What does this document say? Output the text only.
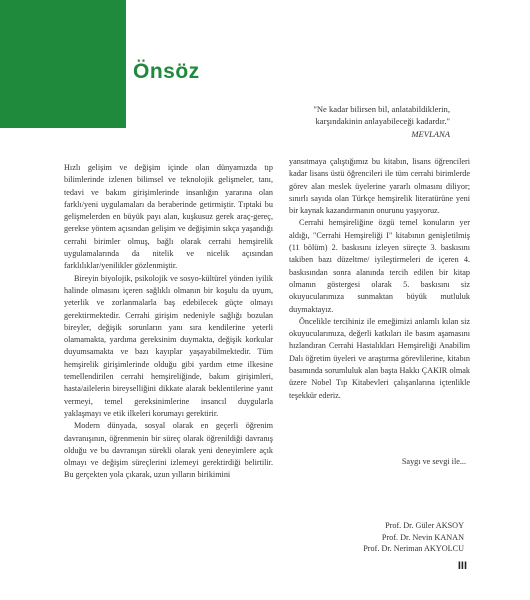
Önsöz
"Ne kadar bilirsen bil, anlatabildiklerin, karşındakinin anlayabileceği kadardır."
MEVLANA

Hızlı gelişim ve değişim içinde olan dünyamızda tıp bilimlerinde izlenen bilimsel ve teknolojik gelişmeler, tanı, tedavi ve bakım girişimlerinde insanlığın yararına olan farklı/yeni uygulamaları da beraberinde getirmiştir. Tıptaki bu gelişmelerden en büyük payı alan, kuşkusuz gerek araç-gereç, gerekse yöntem açısından gelişim ve değişimin sıkça yaşandığı cerrahi birimler olmuş, bağlı olarak cerrahi hemşirelik uygulamalarında da nitelik ve nicelik açısından farklılıklar/yenilikler gözlenmiştir.

Bireyin biyolojik, psikolojik ve sosyo-kültürel yönden iyilik halinde olmasını içeren sağlıklı olmanın bir koşulu da uyum, yeterlik ve zorlanmalarla baş edebilecek güçte olmayı gerektirmektedir. Cerrahi girişim nedeniyle sağlığı bozulan bireyler, değişik sorunların yanı sıra kendilerine yeterli olamamakta, yardıma gereksinim duymakta, değişik korkular duyumsamakta ve bazı kayıplar yaşayabilmektedir. Tüm hemşirelik girişimlerinde olduğu gibi yardım etme ilkesine temellendirilen cerrahi hemşireliğinde, bakım girişimleri, hasta/ailelerin bireyselliğini dikkate alarak beklentilerine yanıt vermeyi, temel gereksinimlerine insancıl duygularla yaklaşmayı ve etik ilkeleri korumayı gerektirir.

Modern dünyada, sosyal olarak en geçerli öğrenim davranışının, öğrenmenin bir süreç olarak öğrenildiği davranış olduğu ve bu davranışın sürekli olarak yeni deneyimlere açık olmayı ve değişim süreçlerini izlemeyi gerektirdiği belirtilir. Bu gerçekten yola çıkarak, uzun yılların birikimini

yansıtmaya çalıştığımız bu kitabın, lisans öğrencileri kadar lisans üstü öğrencileri ile tüm cerrahi birimlerde görev alan meslek üyelerine yararlı olmasını diliyor; sınırlı sayıda olan Türkçe hemşirelik literatürüne yeni bir kaynak kazandırmanın onurunu yaşıyoruz.

Cerrahi hemşireliğine özgü temel konuların yer aldığı, "Cerrahi Hemşireliği I" kitabının genişletilmiş (11 bölüm) 2. baskısını izleyen süreçte 3. baskısını takiben bazı düzeltme/ iyileştirmeleri de içeren 4. baskısından sonra alanında tercih edilen bir kitap olmanın göstergesi olarak 5. baskısını siz okuyucularımıza sunmaktan büyük mutluluk duymaktayız.

Öncelikle tercihiniz ile emeğimizi anlamlı kılan siz okuyucularımıza, değerli katkıları ile basım aşamasını hızlandıran Cerrahi Hastalıkları Hemşireliği Anabilim Dalı öğretim üyeleri ve araştırma görevlilerine, kitabın basımında sorumluluk alan başta Hakkı ÇAKIR olmak üzere Nobel Tıp Kitabevleri çalışanlarına içtenlikle teşekkür ederiz.

Saygı ve sevgi ile...
Prof. Dr. Güler AKSOY
Prof. Dr. Nevin KANAN
Prof. Dr. Neriman AKYOLCU
III
